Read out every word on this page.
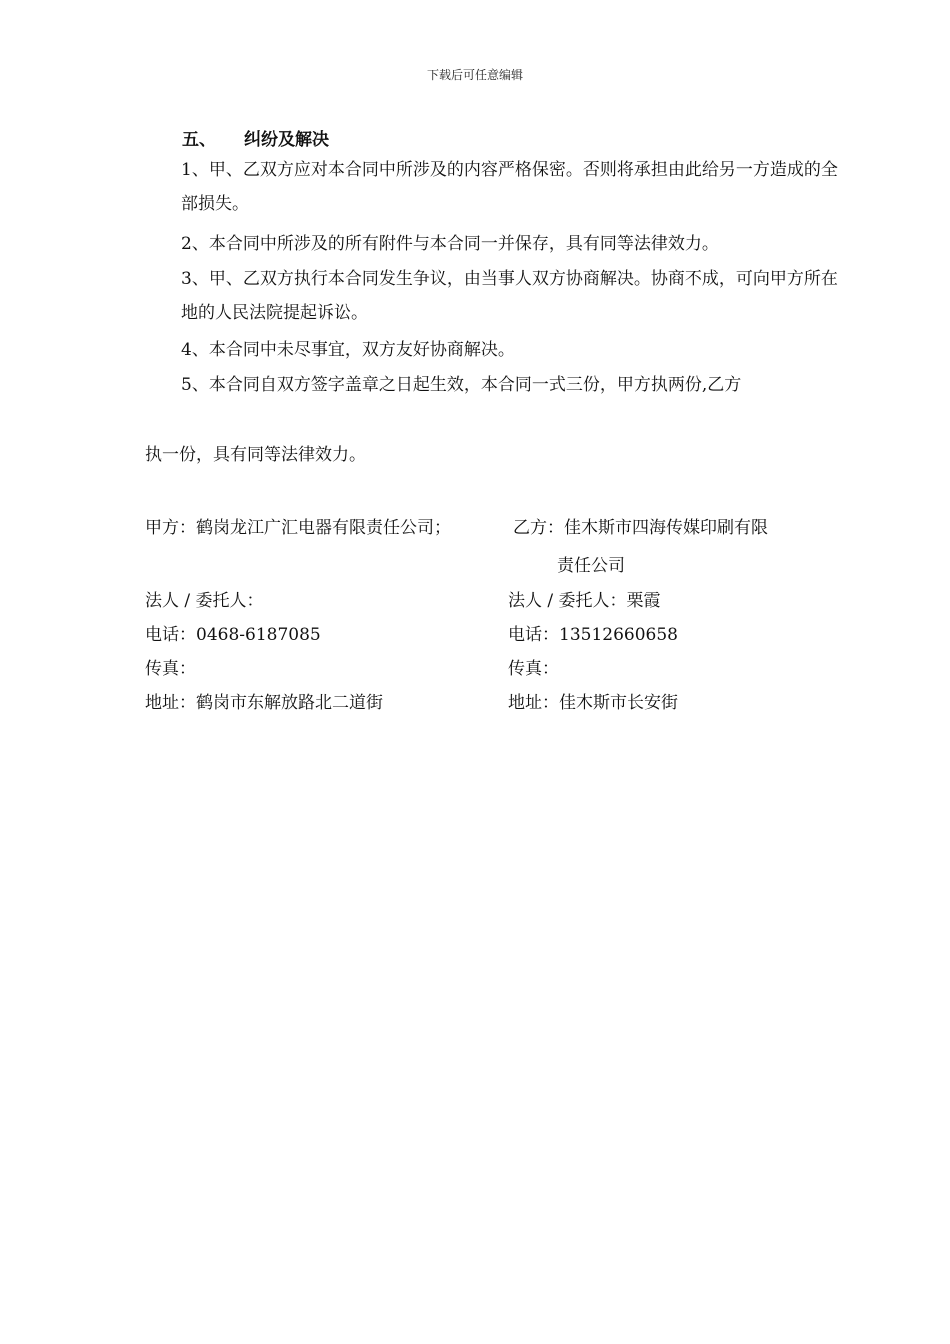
下载后可任意编辑
五、 纠纷及解决
1、甲、乙双方应对本合同中所涉及的内容严格保密。否则将承担由此给另一方造成的全部损失。
2、本合同中所涉及的所有附件与本合同一并保存，具有同等法律效力。
3、甲、乙双方执行本合同发生争议，由当事人双方协商解决。协商不成，可向甲方所在地的人民法院提起诉讼。
4、本合同中未尽事宜，双方友好协商解决。
5、本合同自双方签字盖章之日起生效，本合同一式三份，甲方执两份,乙方
执一份，具有同等法律效力。
甲方：鹤岗龙江广汇电器有限责任公司；	乙方：佳木斯市四海传媒印刷有限
责任公司
法人 / 委托人：	法人 / 委托人：栗霞
电话：0468-6187085	电话：13512660658
传真：	传真：
地址：鹤岗市东解放路北二道街	地址：佳木斯市长安街
